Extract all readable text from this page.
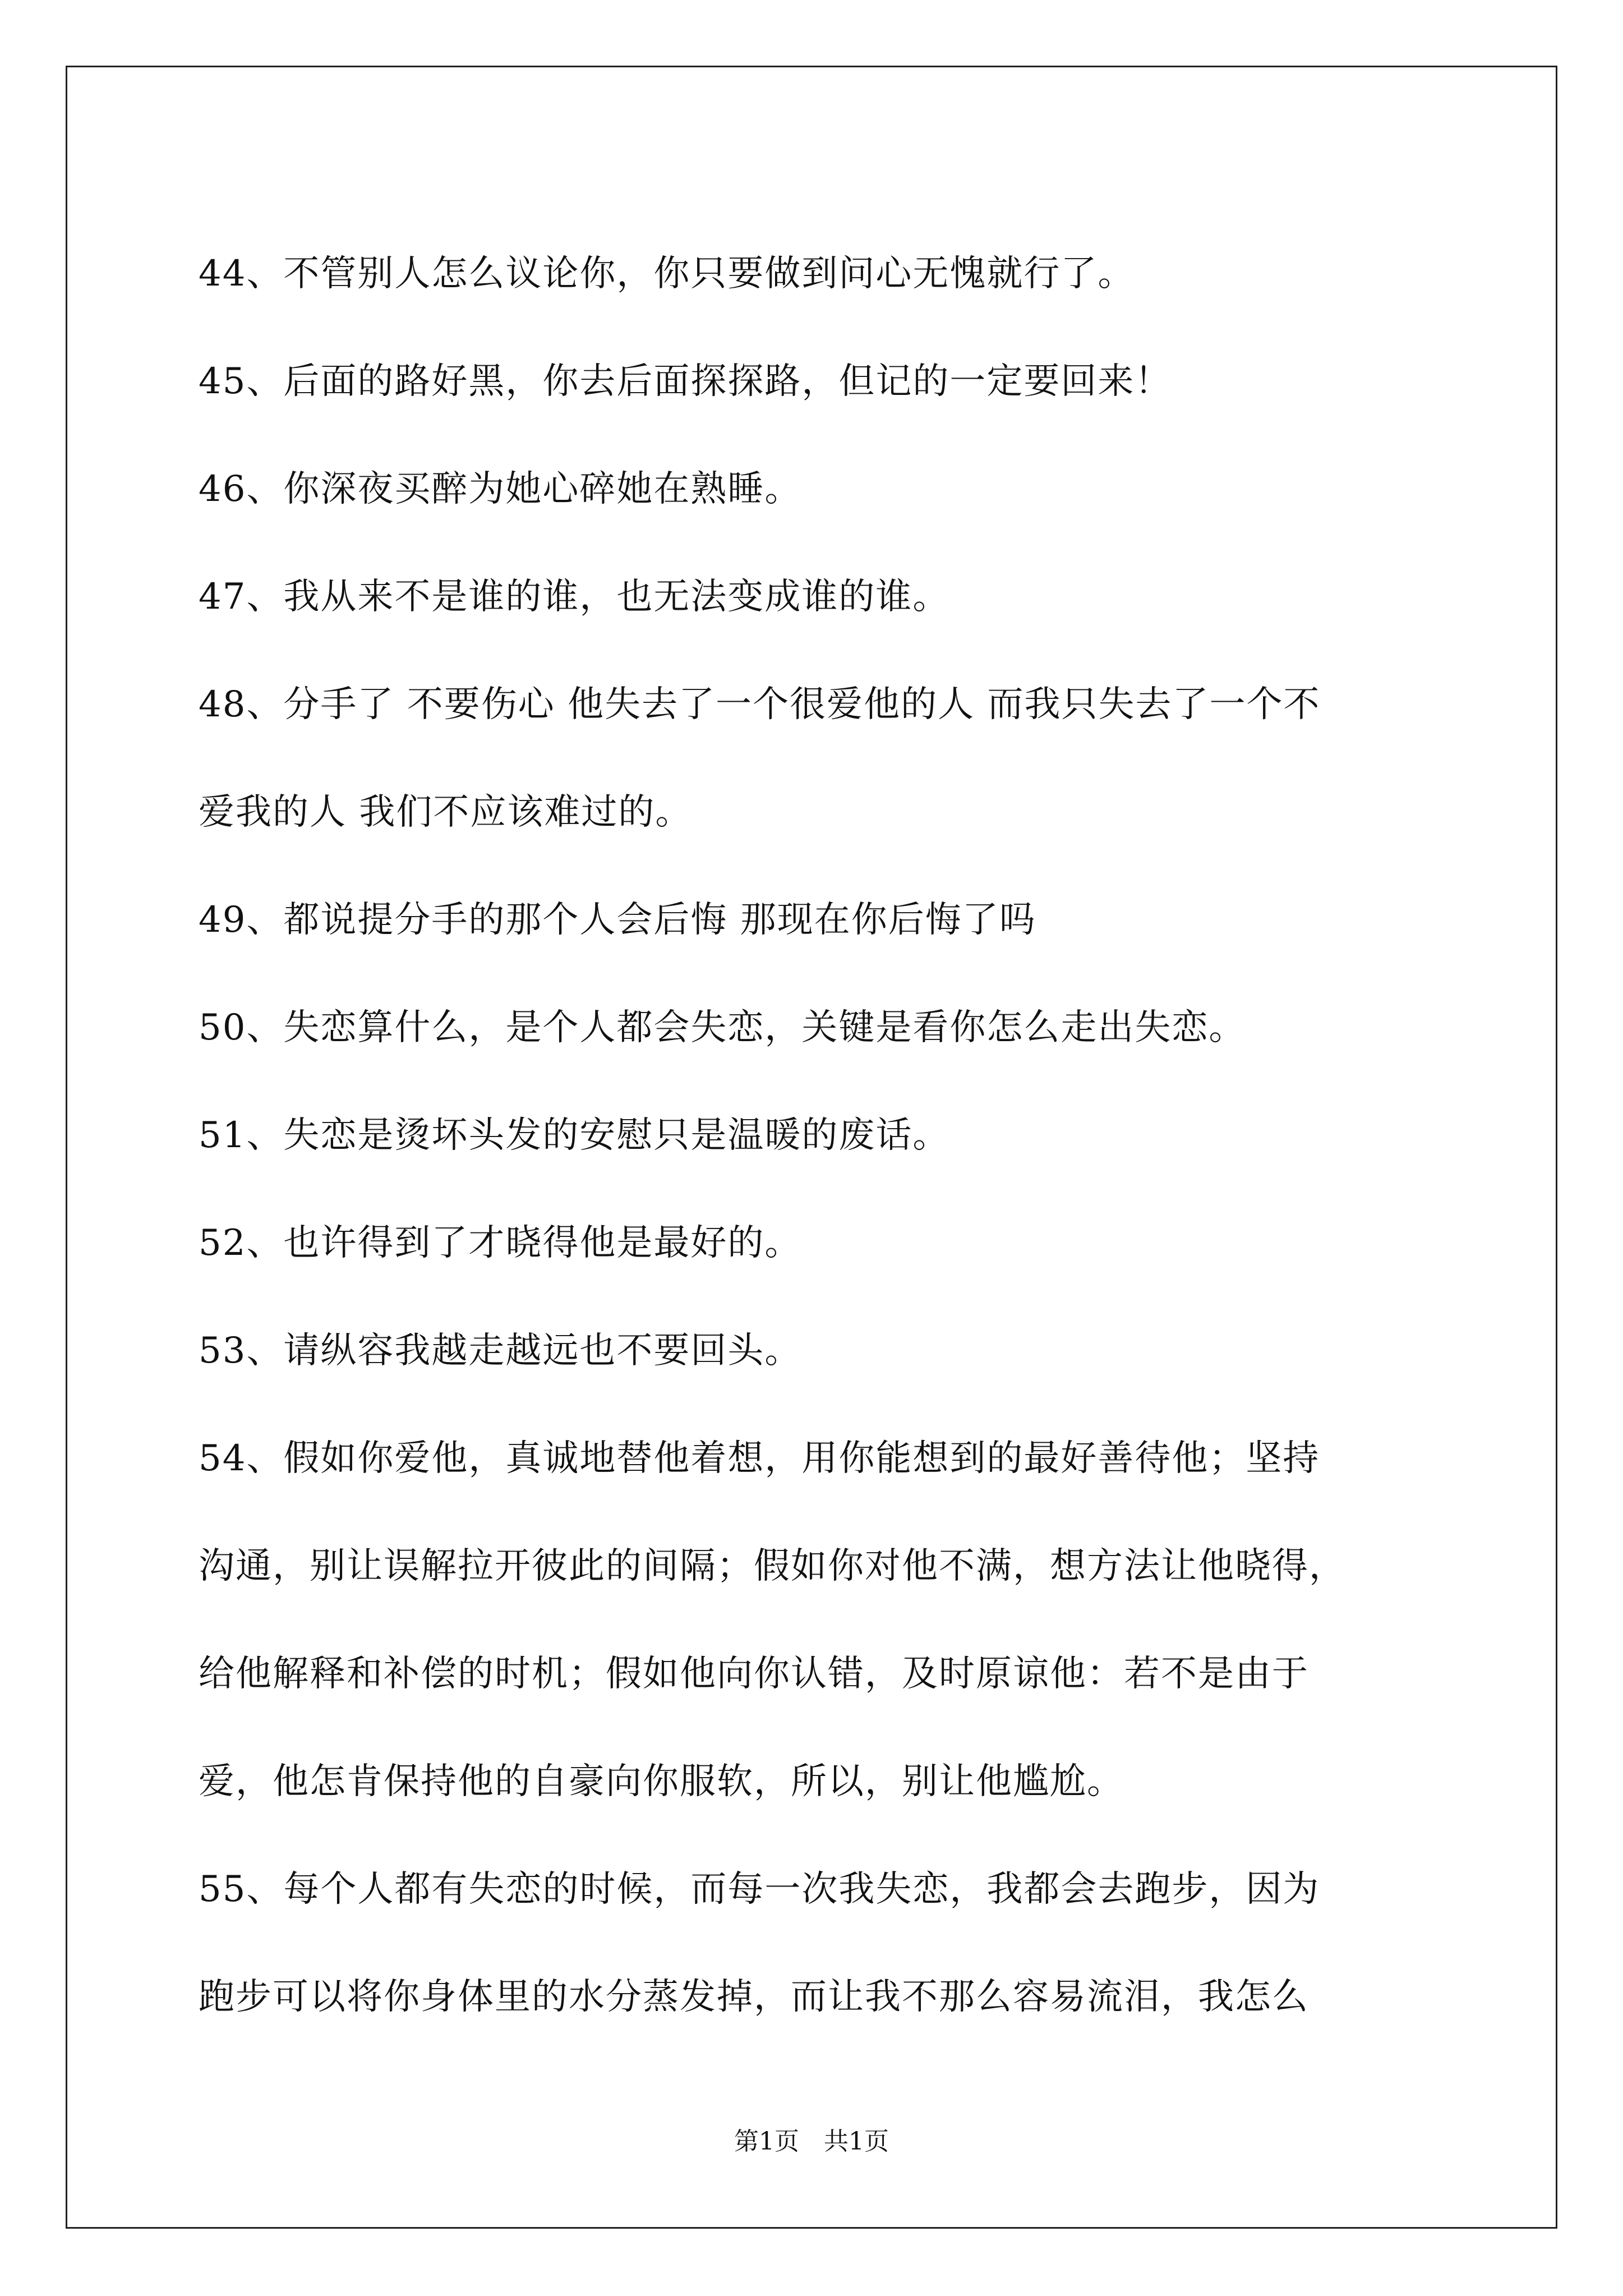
44、不管别人怎么议论你，你只要做到问心无愧就行了。
45、后面的路好黑，你去后面探探路，但记的一定要回来！
46、你深夜买醉为她心碎她在熟睡。
47、我从来不是谁的谁，也无法变成谁的谁。
48、分手了 不要伤心 他失去了一个很爱他的人 而我只失去了一个不
爱我的人 我们不应该难过的。
49、都说提分手的那个人会后悔 那现在你后悔了吗
50、失恋算什么，是个人都会失恋，关键是看你怎么走出失恋。
51、失恋是烫坏头发的安慰只是温暖的废话。
52、也许得到了才晓得他是最好的。
53、请纵容我越走越远也不要回头。
54、假如你爱他，真诚地替他着想，用你能想到的最好善待他；坚持
沟通，别让误解拉开彼此的间隔；假如你对他不满，想方法让他晓得，
给他解释和补偿的时机；假如他向你认错，及时原谅他：若不是由于
爱，他怎肯保持他的自豪向你服软，所以，别让他尴尬。
55、每个人都有失恋的时候，而每一次我失恋，我都会去跑步，因为
跑步可以将你身体里的水分蒸发掉，而让我不那么容易流泪，我怎么
第1页　共1页
